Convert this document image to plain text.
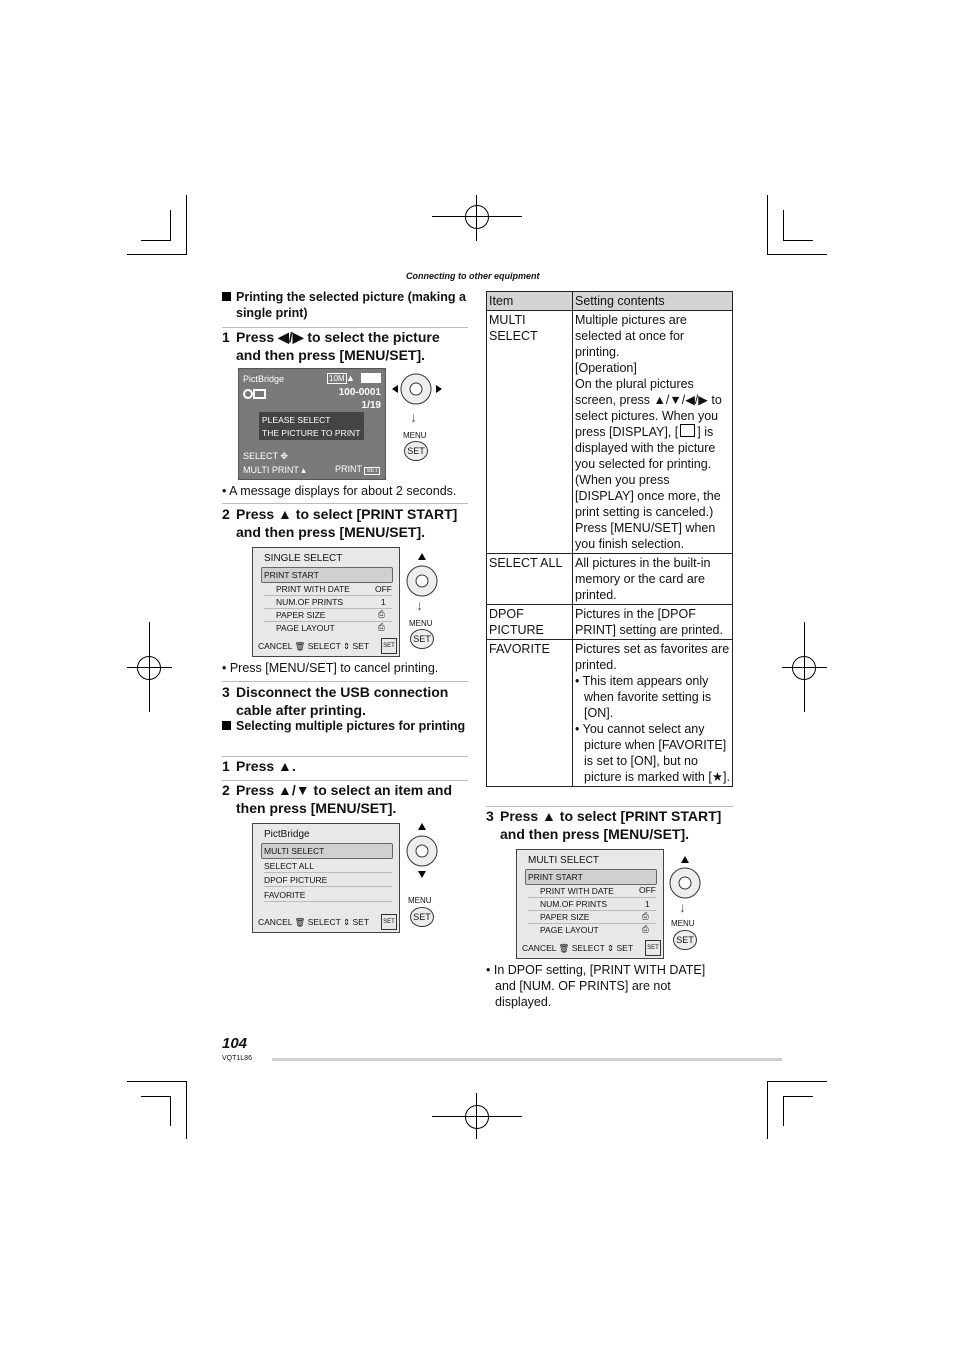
Connecting to other equipment
Printing the selected picture (making a single print)
1 Press ◀/▶ to select the picture and then press [MENU/SET].
PictBridge	10M ▲
100-0001
1/19
PLEASE SELECT
THE PICTURE TO PRINT
SELECT ✥
MULTI PRINT ▴	PRINT SET
↓
MENU
SET
• A message displays for about 2 seconds.
2 Press ▲ to select [PRINT START] and then press [MENU/SET].
SINGLE SELECT
PRINT START
PRINT WITH DATE	OFF
NUM.OF PRINTS	1
PAPER SIZE	⎙
PAGE LAYOUT	⎙
CANCEL 🗑 SELECT ⇕ SET	SET
↓
MENU
SET
• Press [MENU/SET] to cancel printing.
3 Disconnect the USB connection cable after printing.
Selecting multiple pictures for printing
1 Press ▲.
2 Press ▲/▼ to select an item and then press [MENU/SET].
PictBridge
MULTI SELECT
SELECT ALL
DPOF PICTURE
FAVORITE
CANCEL 🗑 SELECT ⇕ SET	SET
MENU
SET
Item	Setting contents
MULTI SELECT	Multiple pictures are selected at once for printing.
[Operation]
On the plural pictures screen, press ▲/▼/◀/▶ to select pictures. When you press [DISPLAY], [ ] is displayed with the picture you selected for printing. (When you press [DISPLAY] once more, the print setting is canceled.)
Press [MENU/SET] when you finish selection.

SELECT ALL	All pictures in the built-in memory or the card are printed.
DPOF PICTURE	Pictures in the [DPOF PRINT] setting are printed.
FAVORITE	Pictures set as favorites are printed.
• This item appears only when favorite setting is [ON].
• You cannot select any picture when [FAVORITE] is set to [ON], but no picture is marked with [★].
3 Press ▲ to select [PRINT START] and then press [MENU/SET].
MULTI SELECT
PRINT START
PRINT WITH DATE	OFF
NUM.OF PRINTS	1
PAPER SIZE	⎙
PAGE LAYOUT	⎙
CANCEL 🗑 SELECT ⇕ SET	SET
↓
MENU
SET
• In DPOF setting, [PRINT WITH DATE] and [NUM. OF PRINTS] are not displayed.
104
VQT1L86
